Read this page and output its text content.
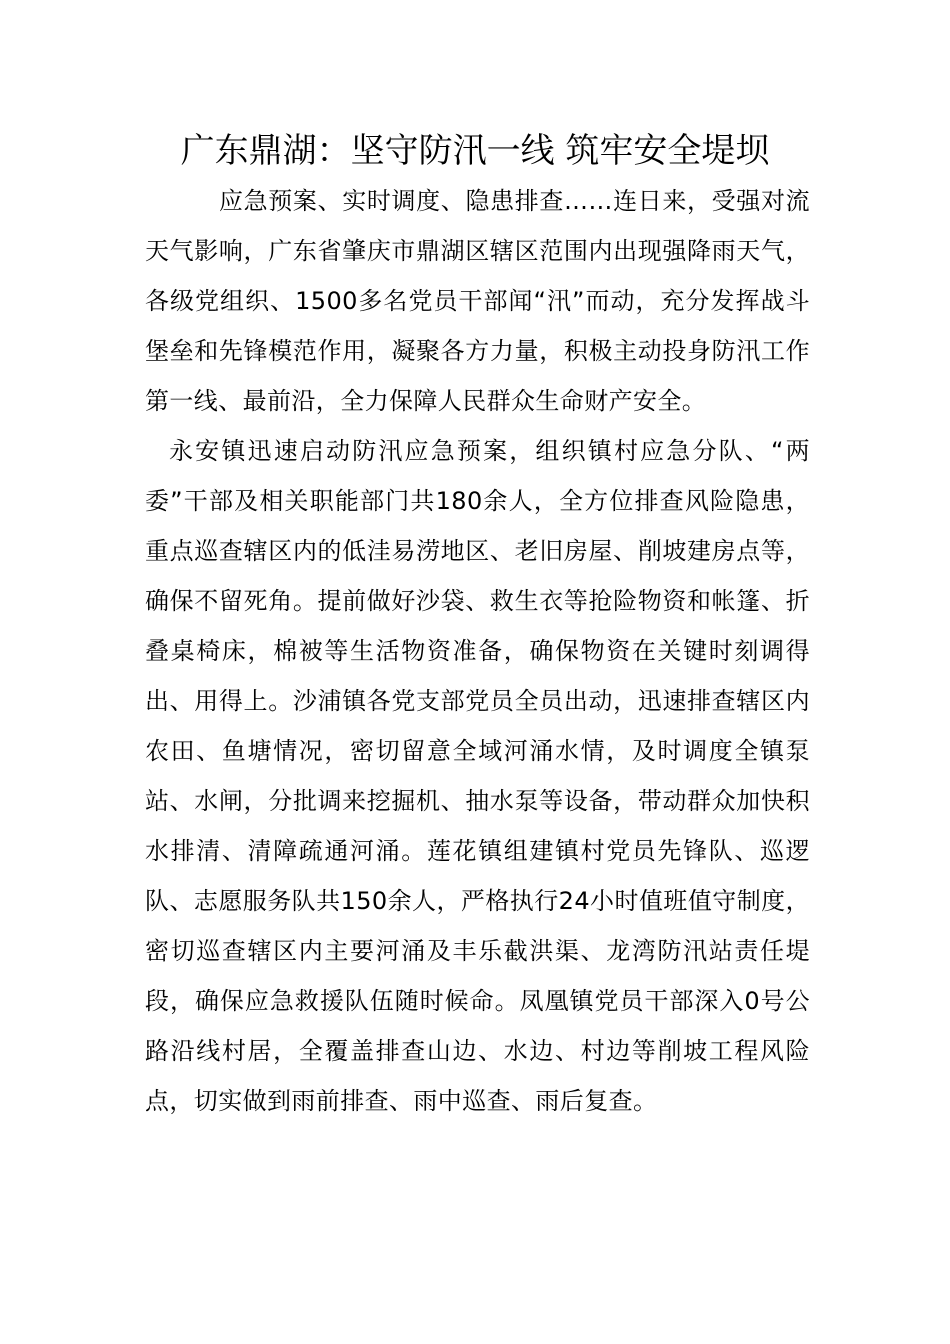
广东鼎湖：坚守防汛一线 筑牢安全堤坝

应急预案、实时调度、隐患排查……连日来，受强对流天气影响，广东省肇庆市鼎湖区辖区范围内出现强降雨天气，各级党组织、1500多名党员干部闻“汛”而动，充分发挥战斗堡垒和先锋模范作用，凝聚各方力量，积极主动投身防汛工作第一线、最前沿，全力保障人民群众生命财产安全。

永安镇迅速启动防汛应急预案，组织镇村应急分队、“两委”干部及相关职能部门共180余人，全方位排查风险隐患，重点巡查辖区内的低洼易涝地区、老旧房屋、削坡建房点等，确保不留死角。提前做好沙袋、救生衣等抢险物资和帐篷、折叠桌椅床，棉被等生活物资准备，确保物资在关键时刻调得出、用得上。沙浦镇各党支部党员全员出动，迅速排查辖区内农田、鱼塘情况，密切留意全域河涌水情，及时调度全镇泵站、水闸，分批调来挖掘机、抽水泵等设备，带动群众加快积水排清、清障疏通河涌。莲花镇组建镇村党员先锋队、巡逻队、志愿服务队共150余人，严格执行24小时值班值守制度，密切巡查辖区内主要河涌及丰乐截洪渠、龙湾防汛站责任堤段，确保应急救援队伍随时候命。凤凰镇党员干部深入0号公路沿线村居，全覆盖排查山边、水边、村边等削坡工程风险点，切实做到雨前排查、雨中巡查、雨后复查。
